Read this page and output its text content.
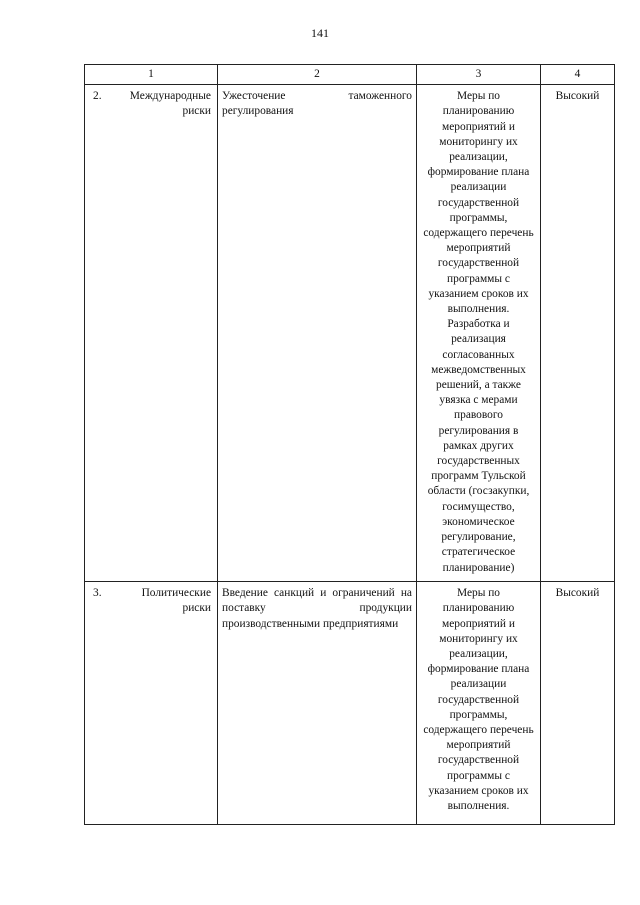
141
1	2	3	4

2. Международные риски	Ужесточение таможенного регулирования	Меры по планированию мероприятий и мониторингу их реализации, формирование плана реализации государственной программы, содержащего перечень мероприятий государственной программы с указанием сроков их выполнения. Разработка и реализация согласованных межведомственных решений, а также увязка с мерами правового регулирования в рамках других государственных программ Тульской области (госзакупки, госимущество, экономическое регулирование, стратегическое планирование)	Высокий

3. Политические риски	Введение санкций и ограничений на поставку продукции производственными предприятиями	Меры по планированию мероприятий и мониторингу их реализации, формирование плана реализации государственной программы, содержащего перечень мероприятий государственной программы с указанием сроков их выполнения.	Высокий
